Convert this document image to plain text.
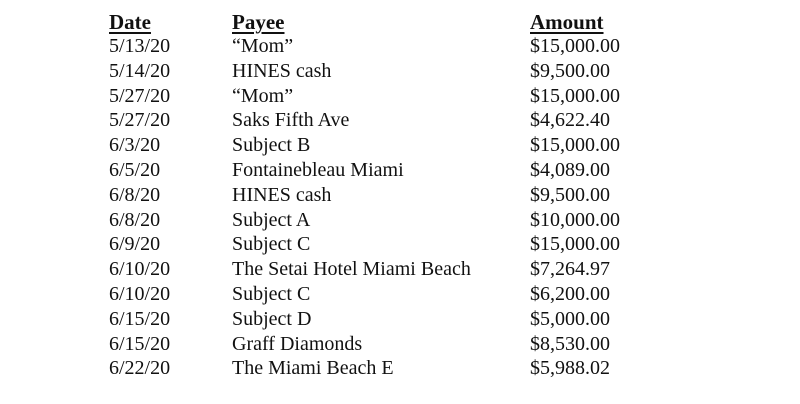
Date	Payee	Amount
5/13/20	“Mom”	$15,000.00
5/14/20	HINES cash	$9,500.00
5/27/20	“Mom”	$15,000.00
5/27/20	Saks Fifth Ave	$4,622.40
6/3/20	Subject B	$15,000.00
6/5/20	Fontainebleau Miami	$4,089.00
6/8/20	HINES cash	$9,500.00
6/8/20	Subject A	$10,000.00
6/9/20	Subject C	$15,000.00
6/10/20	The Setai Hotel Miami Beach	$7,264.97
6/10/20	Subject C	$6,200.00
6/15/20	Subject D	$5,000.00
6/15/20	Graff Diamonds	$8,530.00
6/22/20	The Miami Beach E	$5,988.02
